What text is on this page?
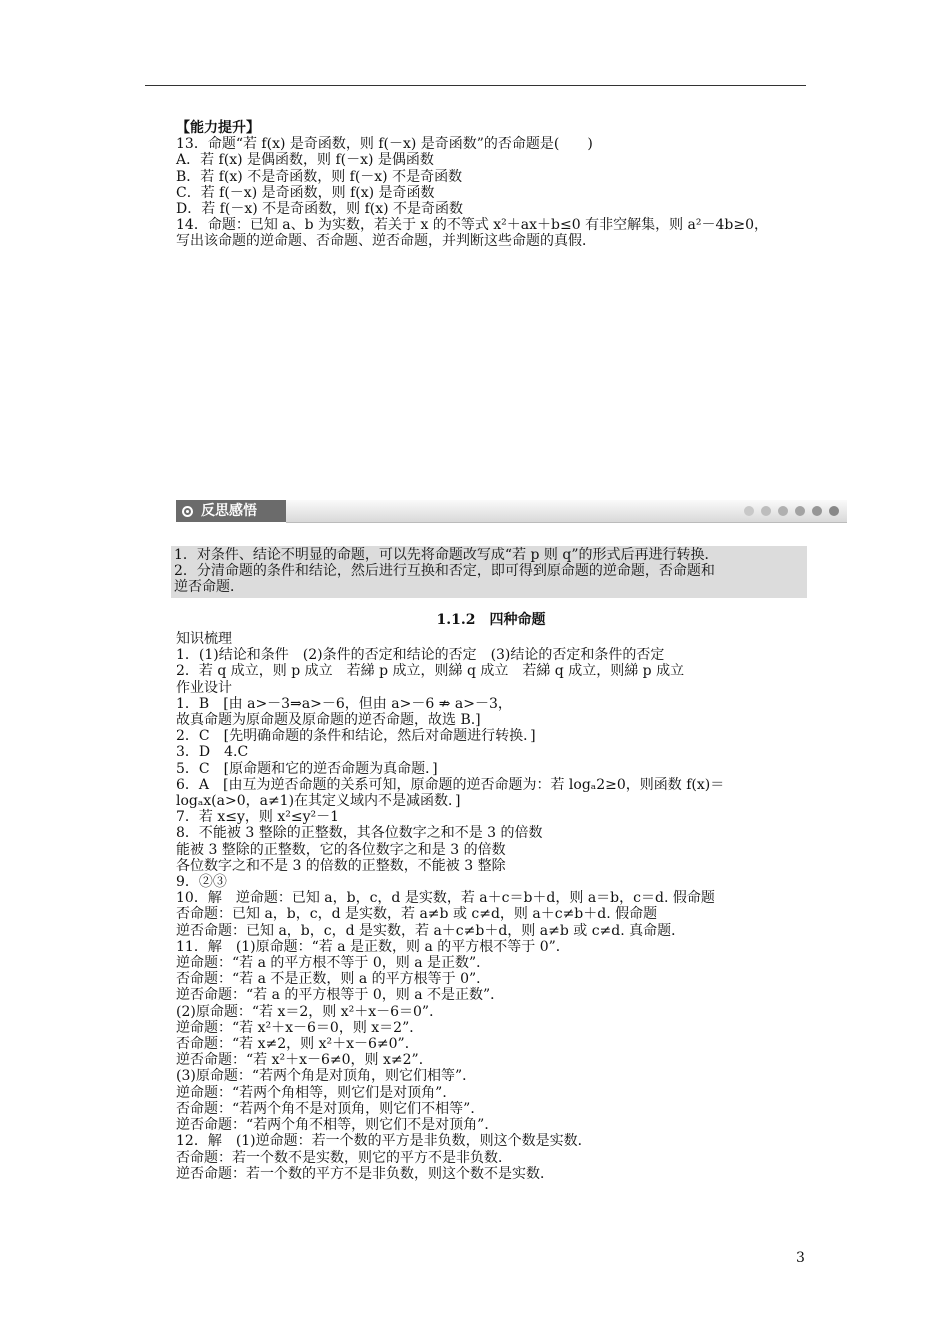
【能力提升】
13．命题“若 f(x) 是奇函数，则 f(－x) 是奇函数”的否命题是(　　)
A．若 f(x) 是偶函数，则 f(－x) 是偶函数
B．若 f(x) 不是奇函数，则 f(－x) 不是奇函数
C．若 f(－x) 是奇函数，则 f(x) 是奇函数
D．若 f(－x) 不是奇函数，则 f(x) 不是奇函数
14．命题：已知 a、b 为实数，若关于 x 的不等式 x²＋ax＋b≤0 有非空解集，则 a²－4b≥0，
写出该命题的逆命题、否命题、逆否命题，并判断这些命题的真假．
反思感悟
1．对条件、结论不明显的命题，可以先将命题改写成“若 p 则 q”的形式后再进行转换．
2．分清命题的条件和结论，然后进行互换和否定，即可得到原命题的逆命题，否命题和
逆否命题．
1.1.2　四种命题
知识梳理
1．(1)结论和条件　(2)条件的否定和结论的否定　(3)结论的否定和条件的否定
2．若 q 成立，则 p 成立　若綈 p 成立，则綈 q 成立　若綈 q 成立，则綈 p 成立
作业设计
1．B　[由 a>－3⇒a>－6，但由 a>－6 ⇏ a>－3，
故真命题为原命题及原命题的逆否命题，故选 B.]
2．C　[先明确命题的条件和结论，然后对命题进行转换．]
3．D　4.C
5．C　[原命题和它的逆否命题为真命题．]
6．A　[由互为逆否命题的关系可知，原命题的逆否命题为：若 logₐ2≥0，则函数 f(x)＝
logₐx(a>0，a≠1)在其定义域内不是减函数．]
7．若 x≤y，则 x²≤y²－1
8．不能被 3 整除的正整数，其各位数字之和不是 3 的倍数
能被 3 整除的正整数，它的各位数字之和是 3 的倍数
各位数字之和不是 3 的倍数的正整数，不能被 3 整除
9．②③
10．解　逆命题：已知 a，b，c，d 是实数，若 a＋c＝b＋d，则 a＝b，c＝d. 假命题
否命题：已知 a，b，c，d 是实数，若 a≠b 或 c≠d，则 a＋c≠b＋d. 假命题
逆否命题：已知 a，b，c，d 是实数，若 a＋c≠b＋d，则 a≠b 或 c≠d. 真命题．
11．解　(1)原命题：“若 a 是正数，则 a 的平方根不等于 0”．
逆命题：“若 a 的平方根不等于 0，则 a 是正数”．
否命题：“若 a 不是正数，则 a 的平方根等于 0”．
逆否命题：“若 a 的平方根等于 0，则 a 不是正数”．
(2)原命题：“若 x＝2，则 x²＋x－6＝0”．
逆命题：“若 x²＋x－6＝0，则 x＝2”．
否命题：“若 x≠2，则 x²＋x－6≠0”．
逆否命题：“若 x²＋x－6≠0，则 x≠2”．
(3)原命题：“若两个角是对顶角，则它们相等”．
逆命题：“若两个角相等，则它们是对顶角”．
否命题：“若两个角不是对顶角，则它们不相等”．
逆否命题：“若两个角不相等，则它们不是对顶角”．
12．解　(1)逆命题：若一个数的平方是非负数，则这个数是实数．
否命题：若一个数不是实数，则它的平方不是非负数．
逆否命题：若一个数的平方不是非负数，则这个数不是实数．
3
